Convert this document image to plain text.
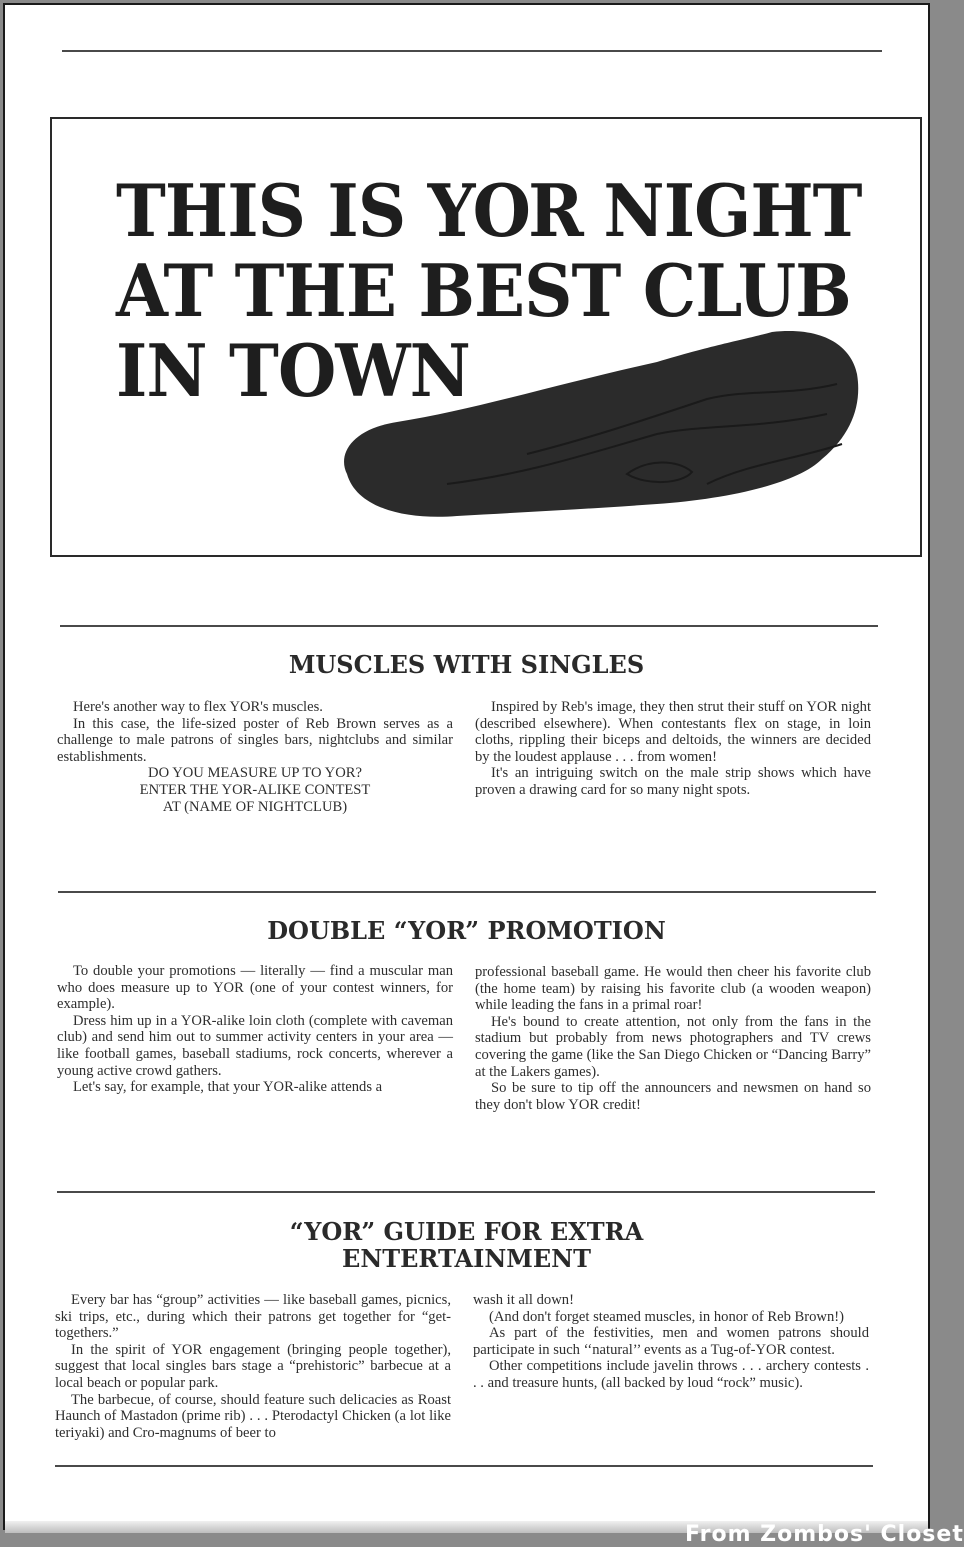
THIS IS YOR NIGHT
AT THE BEST CLUB
IN TOWN
MUSCLES WITH SINGLES

Here's another way to flex YOR's muscles.

In this case, the life-sized poster of Reb Brown serves as a challenge to male patrons of singles bars, nightclubs and similar establishments.

DO YOU MEASURE UP TO YOR?

ENTER THE YOR-ALIKE CONTEST

AT (NAME OF NIGHTCLUB)

Inspired by Reb's image, they then strut their stuff on YOR night (described elsewhere). When contestants flex on stage, in loin cloths, rippling their biceps and deltoids, the winners are decided by the loudest applause . . . from women!

It's an intriguing switch on the male strip shows which have proven a drawing card for so many night spots.

DOUBLE “YOR” PROMOTION

To double your promotions — literally — find a muscular man who does measure up to YOR (one of your contest winners, for example).

Dress him up in a YOR-alike loin cloth (complete with caveman club) and send him out to summer activity centers in your area — like football games, baseball stadiums, rock concerts, wherever a young active crowd gathers.

Let's say, for example, that your YOR-alike attends a

professional baseball game. He would then cheer his favorite club (the home team) by raising his favorite club (a wooden weapon) while leading the fans in a primal roar!

He's bound to create attention, not only from the fans in the stadium but probably from news photographers and TV crews covering the game (like the San Diego Chicken or “Dancing Barry” at the Lakers games).

So be sure to tip off the announcers and newsmen on hand so they don't blow YOR credit!

“YOR” GUIDE FOR EXTRA
ENTERTAINMENT

Every bar has “group” activities — like baseball games, picnics, ski trips, etc., during which their patrons get together for “get-togethers.”

In the spirit of YOR engagement (bringing people together), suggest that local singles bars stage a “prehistoric” barbecue at a local beach or popular park.

The barbecue, of course, should feature such delicacies as Roast Haunch of Mastadon (prime rib) . . . Pterodactyl Chicken (a lot like teriyaki) and Cro-magnums of beer to

wash it all down!

(And don't forget steamed muscles, in honor of Reb Brown!)

As part of the festivities, men and women patrons should participate in such ‘‘natural’’ events as a Tug-of-YOR contest.

Other competitions include javelin throws . . . archery contests . . . and treasure hunts, (all backed by loud “rock” music).

From Zombos' Closet
